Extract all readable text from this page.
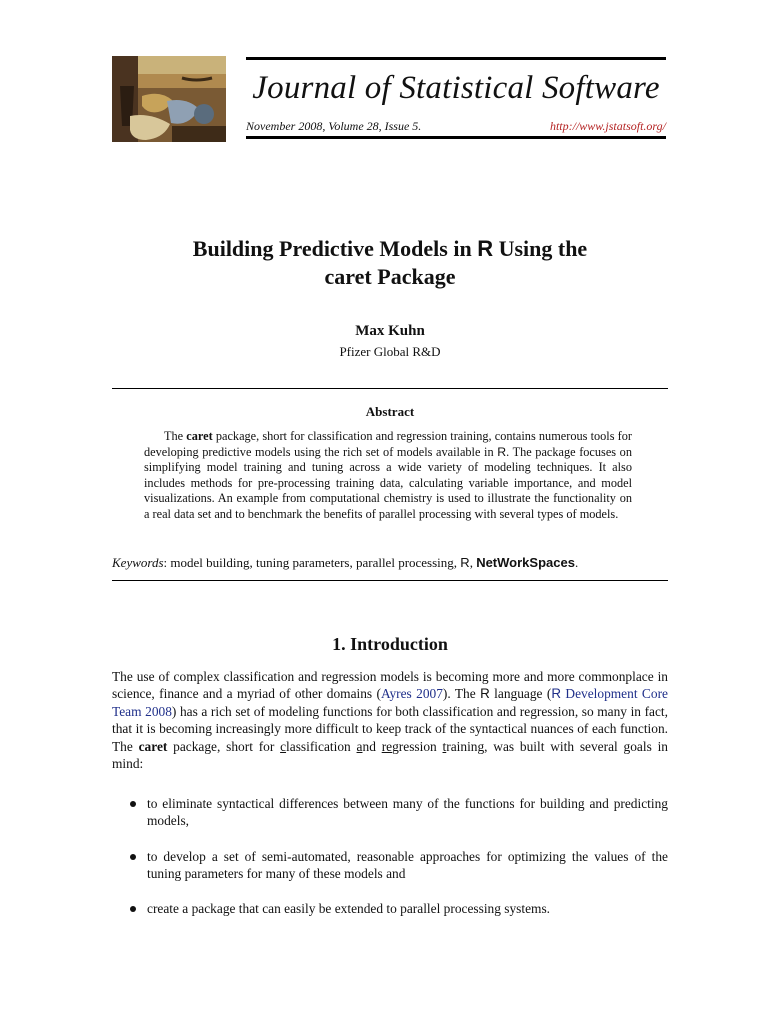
Journal of Statistical Software
November 2008, Volume 28, Issue 5.	http://www.jstatsoft.org/
Building Predictive Models in R Using the
caret Package
Max Kuhn
Pfizer Global R&D
Abstract
The caret package, short for classification and regression training, contains numerous tools for developing predictive models using the rich set of models available in R. The package focuses on simplifying model training and tuning across a wide variety of modeling techniques. It also includes methods for pre-processing training data, calculating variable importance, and model visualizations. An example from computational chemistry is used to illustrate the functionality on a real data set and to benchmark the benefits of parallel processing with several types of models.
Keywords: model building, tuning parameters, parallel processing, R, NetWorkSpaces.
1. Introduction
The use of complex classification and regression models is becoming more and more commonplace in science, finance and a myriad of other domains (Ayres 2007). The R language (R Development Core Team 2008) has a rich set of modeling functions for both classification and regression, so many in fact, that it is becoming increasingly more difficult to keep track of the syntactical nuances of each function. The caret package, short for classification and regression training, was built with several goals in mind:
to eliminate syntactical differences between many of the functions for building and predicting models,
to develop a set of semi-automated, reasonable approaches for optimizing the values of the tuning parameters for many of these models and
create a package that can easily be extended to parallel processing systems.
